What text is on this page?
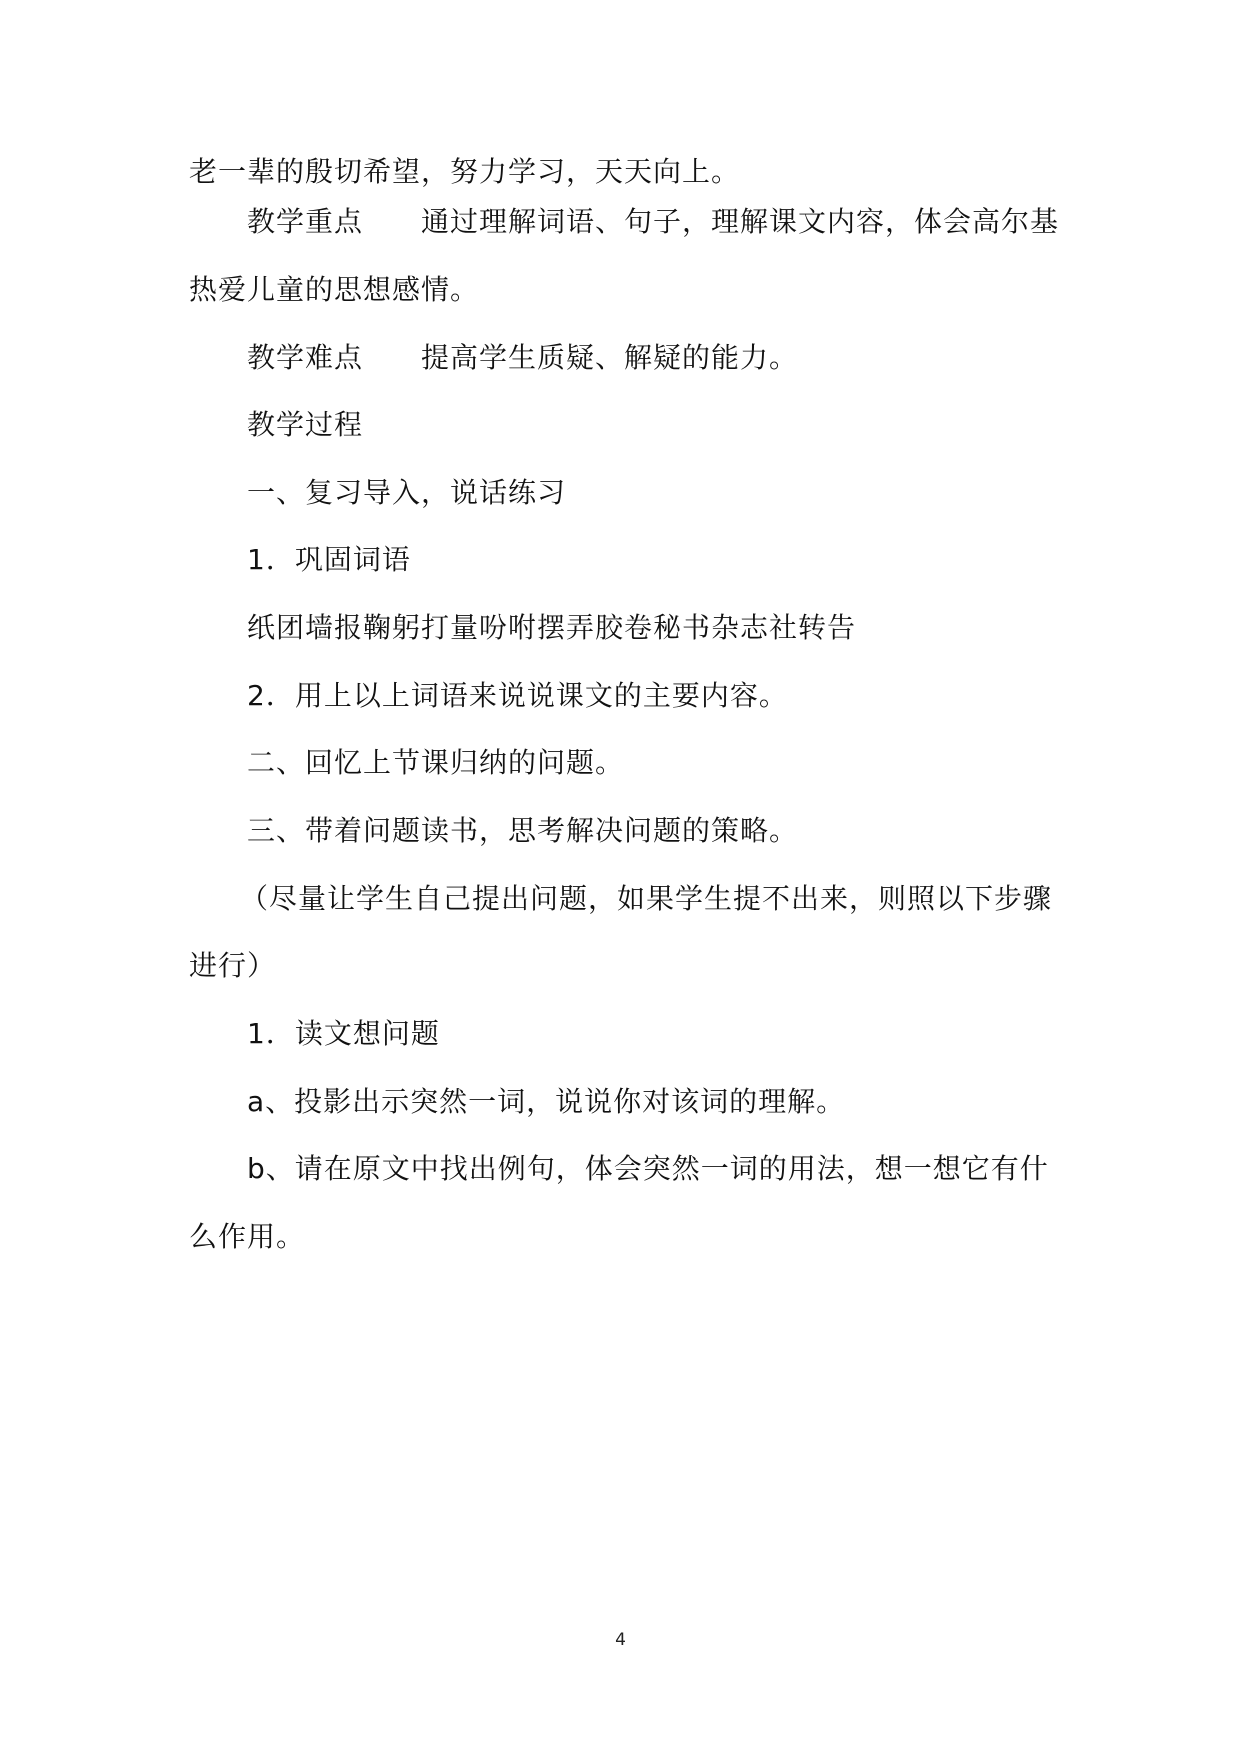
老一辈的殷切希望，努力学习，天天向上。
教学重点　　通过理解词语、句子，理解课文内容，体会高尔基
热爱儿童的思想感情。
教学难点　　提高学生质疑、解疑的能力。
教学过程
一、复习导入，说话练习
1．巩固词语
纸团墙报鞠躬打量吩咐摆弄胶卷秘书杂志社转告
2．用上以上词语来说说课文的主要内容。
二、回忆上节课归纳的问题。
三、带着问题读书，思考解决问题的策略。
（尽量让学生自己提出问题，如果学生提不出来，则照以下步骤
进行）
1．读文想问题
a、投影出示突然一词，说说你对该词的理解。
b、请在原文中找出例句，体会突然一词的用法，想一想它有什
么作用。
4
